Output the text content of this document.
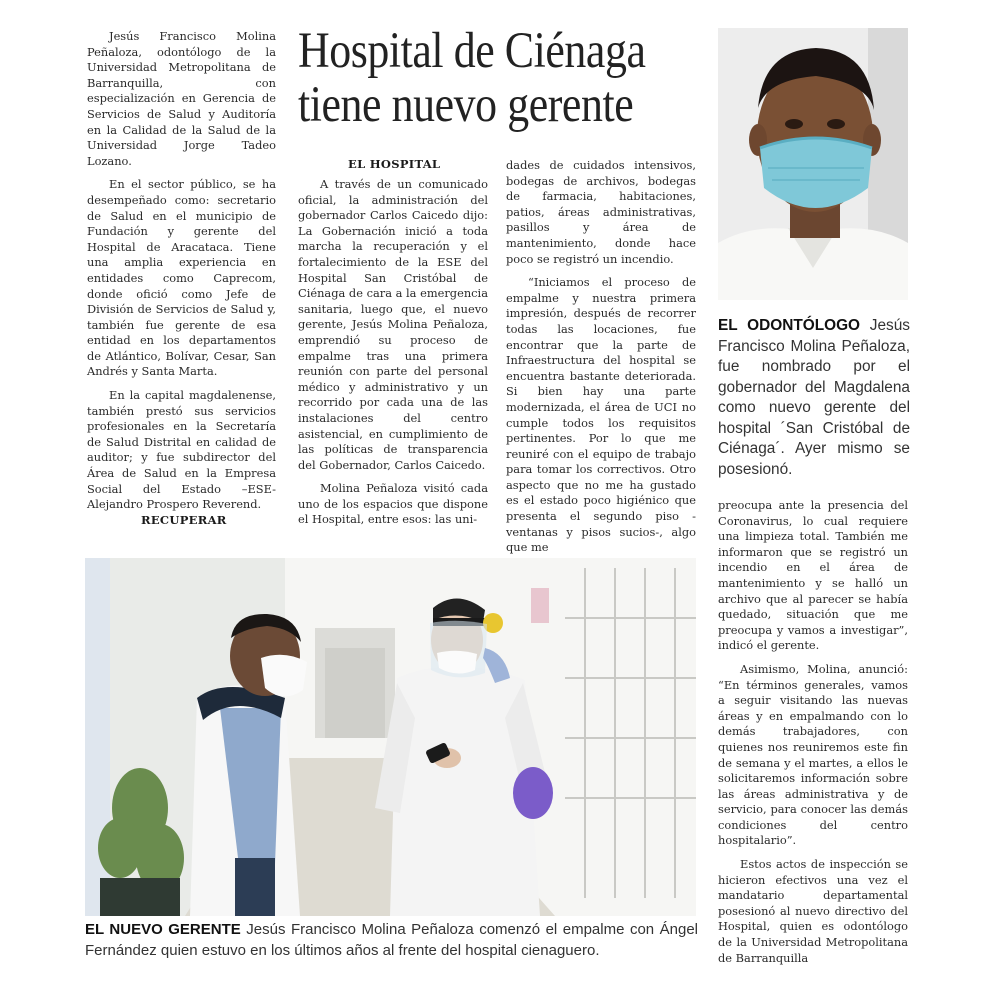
Jesús Francisco Molina Peñaloza, odontólogo de la Universidad Metropolitana de Barranquilla, con especialización en Gerencia de Servicios de Salud y Auditoría en la Calidad de la Salud de la Universidad Jorge Tadeo Lozano.

En el sector público, se ha desempeñado como: secretario de Salud en el municipio de Fundación y gerente del Hospital de Aracataca. Tiene una amplia experiencia en entidades como Caprecom, donde ofició como Jefe de División de Servicios de Salud y, también fue gerente de esa entidad en los departamentos de Atlántico, Bolívar, Cesar, San Andrés y Santa Marta.

En la capital magdalenense, también prestó sus servicios profesionales en la Secretaría de Salud Distrital en calidad de auditor; y fue subdirector del Área de Salud en la Empresa Social del Estado –ESE- Alejandro Prospero Reverend.

RECUPERAR
Hospital de Ciénaga
tiene nuevo gerente
EL HOSPITAL

A través de un comunicado oficial, la administración del gobernador Carlos Caicedo dijo: La Gobernación inició a toda marcha la recuperación y el fortalecimiento de la ESE del Hospital San Cristóbal de Ciénaga de cara a la emergencia sanitaria, luego que, el nuevo gerente, Jesús Molina Peñaloza, emprendió su proceso de empalme tras una primera reunión con parte del personal médico y administrativo y un recorrido por cada una de las instalaciones del centro asistencial, en cumplimiento de las políticas de transparencia del Gobernador, Carlos Caicedo.

Molina Peñaloza visitó cada uno de los espacios que dispone el Hospital, entre esos: las uni-

dades de cuidados intensivos, bodegas de archivos, bodegas de farmacia, habitaciones, patios, áreas administrativas, pasillos y área de mantenimiento, donde hace poco se registró un incendio.

“Iniciamos el proceso de empalme y nuestra primera impresión, después de recorrer todas las locaciones, fue encontrar que la parte de Infraestructura del hospital se encuentra bastante deteriorada. Si bien hay una parte modernizada, el área de UCI no cumple todos los requisitos pertinentes. Por lo que me reuniré con el equipo de trabajo para tomar los correctivos. Otro aspecto que no me ha gustado es el estado poco higiénico que presenta el segundo piso -ventanas y pisos sucios-, algo que me

EL ODONTÓLOGO Jesús Francisco Molina Peñaloza, fue nombrado por el gobernador del Magdalena como nuevo gerente del hospital ´San Cristóbal de Ciénaga´. Ayer mismo se posesionó.

preocupa ante la presencia del Coronavirus, lo cual requiere una limpieza total. También me informaron que se registró un incendio en el área de mantenimiento y se halló un archivo que al parecer se había quedado, situación que me preocupa y vamos a investigar”, indicó el gerente.

Asimismo, Molina, anunció: “En términos generales, vamos a seguir visitando las nuevas áreas y en empalmando con lo demás trabajadores, con quienes nos reuniremos este fin de semana y el martes, a ellos le solicitaremos información sobre las áreas administrativa y de servicio, para conocer las demás condiciones del centro hospitalario”.

Estos actos de inspección se hicieron efectivos una vez el mandatario departamental posesionó al nuevo directivo del Hospital, quien es odontólogo de la Universidad Metropolitana de Barranquilla

EL NUEVO GERENTE Jesús Francisco Molina Peñaloza comenzó el empalme con Ángel Fernández quien estuvo en los últimos años al frente del hospital cienaguero.
